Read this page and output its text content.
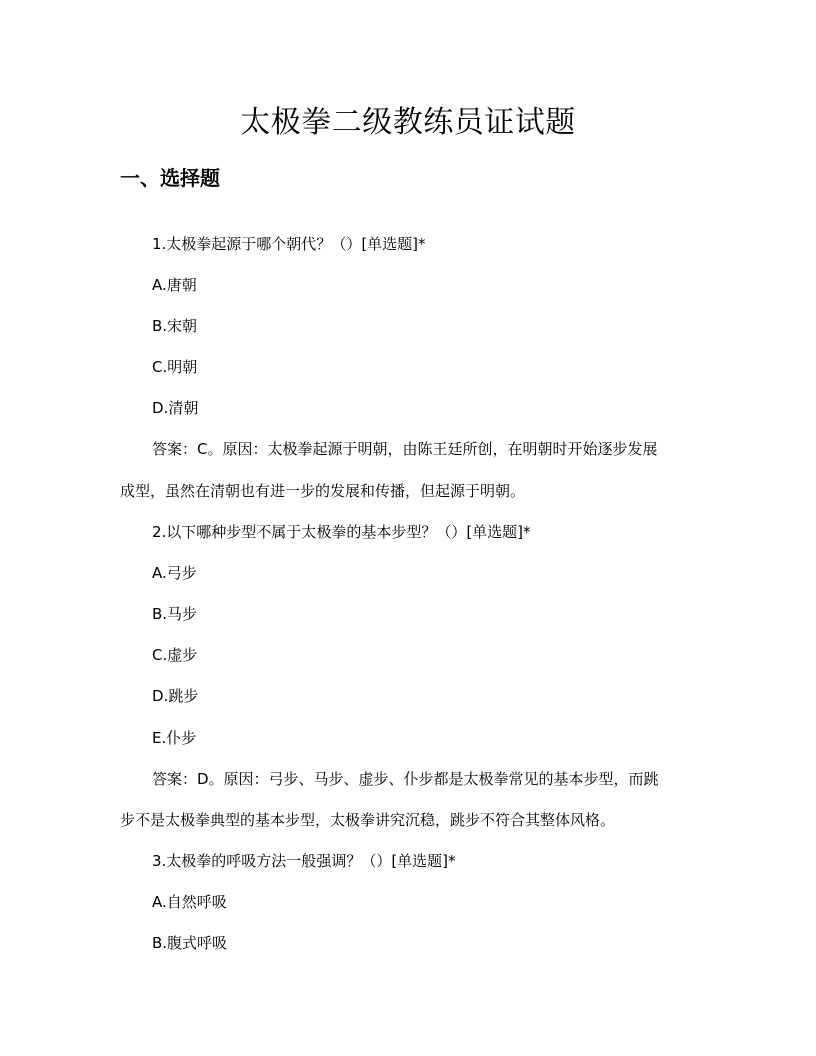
太极拳二级教练员证试题
一、选择题

1.太极拳起源于哪个朝代？（）[单选题]*

A.唐朝

B.宋朝

C.明朝

D.清朝

答案：C。原因：太极拳起源于明朝，由陈王廷所创，在明朝时开始逐步发展

成型，虽然在清朝也有进一步的发展和传播，但起源于明朝。

2.以下哪种步型不属于太极拳的基本步型？（）[单选题]*

A.弓步

B.马步

C.虚步

D.跳步

E.仆步

答案：D。原因：弓步、马步、虚步、仆步都是太极拳常见的基本步型，而跳

步不是太极拳典型的基本步型，太极拳讲究沉稳，跳步不符合其整体风格。

3.太极拳的呼吸方法一般强调？（）[单选题]*

A.自然呼吸

B.腹式呼吸
